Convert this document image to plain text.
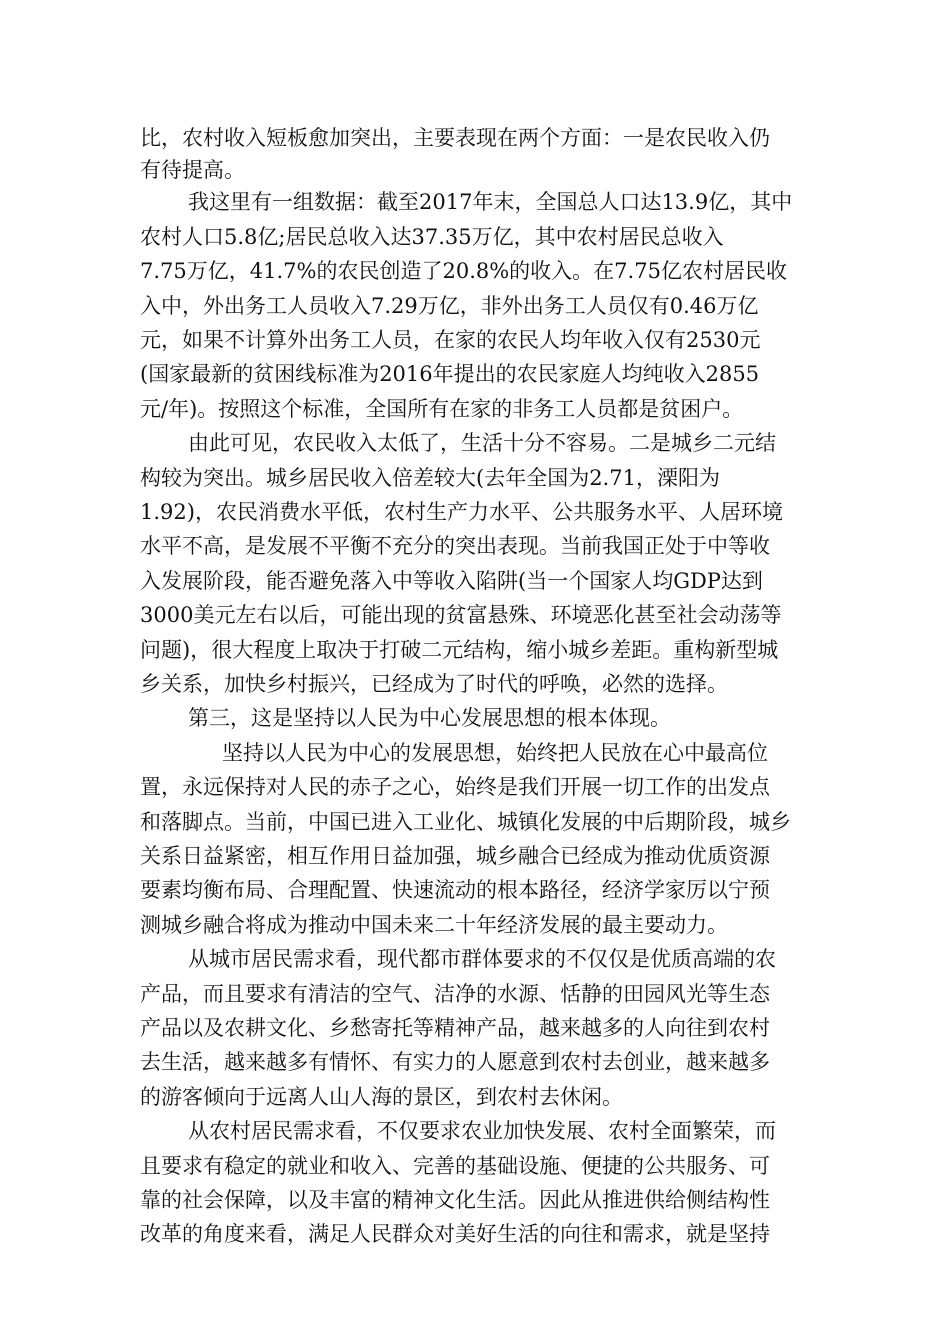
比，农村收入短板愈加突出，主要表现在两个方面：一是农民收入仍
有待提高。
我这里有一组数据：截至2017年末，全国总人口达13.9亿，其中
农村人口5.8亿;居民总收入达37.35万亿，其中农村居民总收入
7.75万亿，41.7%的农民创造了20.8%的收入。在7.75亿农村居民收
入中，外出务工人员收入7.29万亿，非外出务工人员仅有0.46万亿
元，如果不计算外出务工人员，在家的农民人均年收入仅有2530元
(国家最新的贫困线标准为2016年提出的农民家庭人均纯收入2855
元/年)。按照这个标准，全国所有在家的非务工人员都是贫困户。
由此可见，农民收入太低了，生活十分不容易。二是城乡二元结
构较为突出。城乡居民收入倍差较大(去年全国为2.71，溧阳为
1.92)，农民消费水平低，农村生产力水平、公共服务水平、人居环境
水平不高，是发展不平衡不充分的突出表现。当前我国正处于中等收
入发展阶段，能否避免落入中等收入陷阱(当一个国家人均GDP达到
3000美元左右以后，可能出现的贫富悬殊、环境恶化甚至社会动荡等
问题)，很大程度上取决于打破二元结构，缩小城乡差距。重构新型城
乡关系，加快乡村振兴，已经成为了时代的呼唤，必然的选择。
第三，这是坚持以人民为中心发展思想的根本体现。
坚持以人民为中心的发展思想，始终把人民放在心中最高位
置，永远保持对人民的赤子之心，始终是我们开展一切工作的出发点
和落脚点。当前，中国已进入工业化、城镇化发展的中后期阶段，城乡
关系日益紧密，相互作用日益加强，城乡融合已经成为推动优质资源
要素均衡布局、合理配置、快速流动的根本路径，经济学家厉以宁预
测城乡融合将成为推动中国未来二十年经济发展的最主要动力。
从城市居民需求看，现代都市群体要求的不仅仅是优质高端的农
产品，而且要求有清洁的空气、洁净的水源、恬静的田园风光等生态
产品以及农耕文化、乡愁寄托等精神产品，越来越多的人向往到农村
去生活，越来越多有情怀、有实力的人愿意到农村去创业，越来越多
的游客倾向于远离人山人海的景区，到农村去休闲。
从农村居民需求看，不仅要求农业加快发展、农村全面繁荣，而
且要求有稳定的就业和收入、完善的基础设施、便捷的公共服务、可
靠的社会保障，以及丰富的精神文化生活。因此从推进供给侧结构性
改革的角度来看，满足人民群众对美好生活的向往和需求，就是坚持
